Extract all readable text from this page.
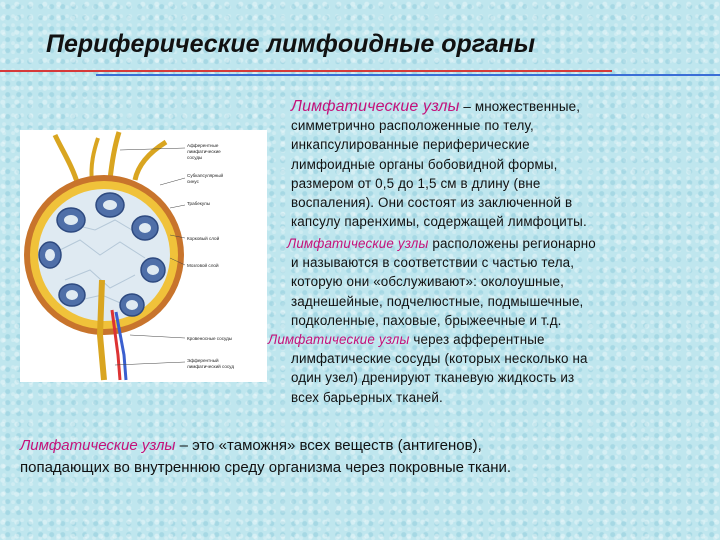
Периферические лимфоидные органы
Афферентные
лимфатические
сосуды
Субкапсулярный
синус
Трабекулы
Корковый слой
Мозговой слой
Кровеносные сосуды
Эфферентный
лимфатический сосуд
Лимфатические узлы – множественные,
симметрично расположенные по телу,
инкапсулированные периферические
лимфоидные органы бобовидной формы,
размером от 0,5 до 1,5 см в длину (вне
воспаления). Они состоят из заключенной в
капсулу паренхимы, содержащей лимфоциты.
Лимфатические узлы расположены регионарно
и называются в соответствии с частью тела,
которую они «обслуживают»: околоушные,
заднешейные, подчелюстные, подмышечные,
подколенные, паховые, брыжеечные и т.д.
Лимфатические узлы через афферентные
лимфатические сосуды (которых несколько на
один узел) дренируют тканевую жидкость из
всех барьерных тканей.
Лимфатические узлы – это «таможня» всех веществ (антигенов),
попадающих во внутреннюю среду организма через покровные ткани.
